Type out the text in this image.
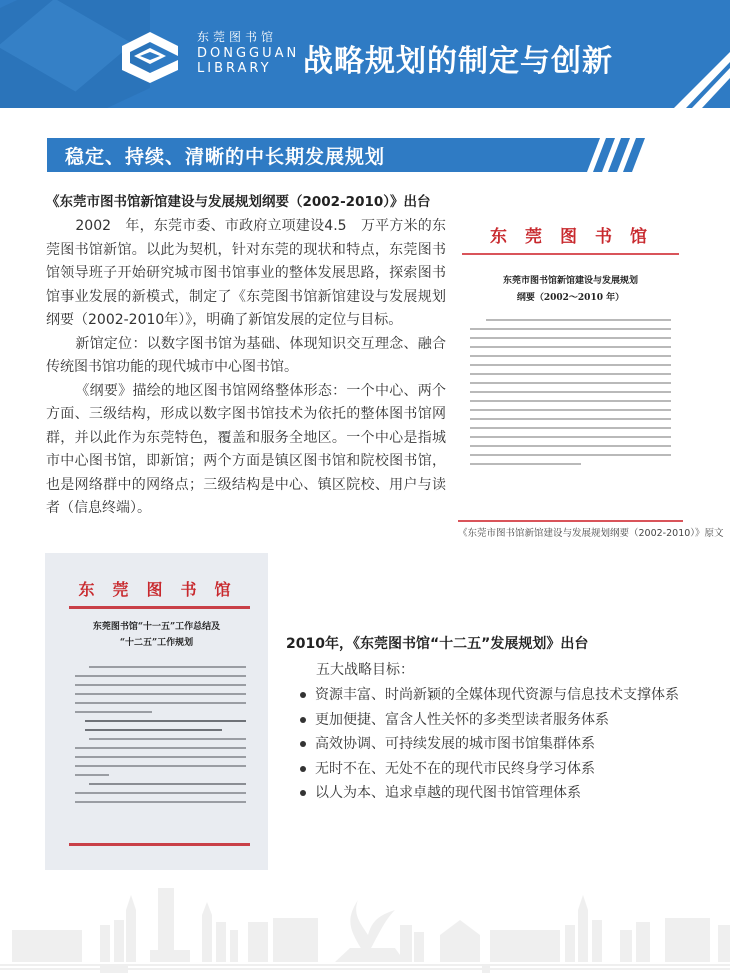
东莞图书馆
DONGGUAN
LIBRARY	战略规划的制定与创新
稳定、持续、清晰的中长期发展规划
《东莞市图书馆新馆建设与发展规划纲要（2002-2010）》出台

2002　年，东莞市委、市政府立项建设4.5　万平方米的东莞图书馆新馆。以此为契机，针对东莞的现状和特点，东莞图书馆领导班子开始研究城市图书馆事业的整体发展思路，探索图书馆事业发展的新模式，制定了《东莞图书馆新馆建设与发展规划纲要（2002-2010年）》，明确了新馆发展的定位与目标。

新馆定位：以数字图书馆为基础、体现知识交互理念、融合传统图书馆功能的现代城市中心图书馆。

《纲要》描绘的地区图书馆网络整体形态：一个中心、两个方面、三级结构，形成以数字图书馆技术为依托的整体图书馆网群，并以此作为东莞特色，覆盖和服务全地区。一个中心是指城市中心图书馆，即新馆；两个方面是镇区图书馆和院校图书馆，也是网络群中的网络点；三级结构是中心、镇区院校、用户与读者（信息终端）。

东莞图书馆
东莞市图书馆新馆建设与发展规划
纲要（2002～2010 年）
《东莞市图书馆新馆建设与发展规划纲要（2002-2010）》原文
东莞图书馆
东莞图书馆“十一五”工作总结及
“十二五”工作规划	2010年，《东莞图书馆“十二五”发展规划》出台
五大战略目标：
资源丰富、时尚新颖的全媒体现代资源与信息技术支撑体系
更加便捷、富含人性关怀的多类型读者服务体系
高效协调、可持续发展的城市图书馆集群体系
无时不在、无处不在的现代市民终身学习体系
以人为本、追求卓越的现代图书馆管理体系
